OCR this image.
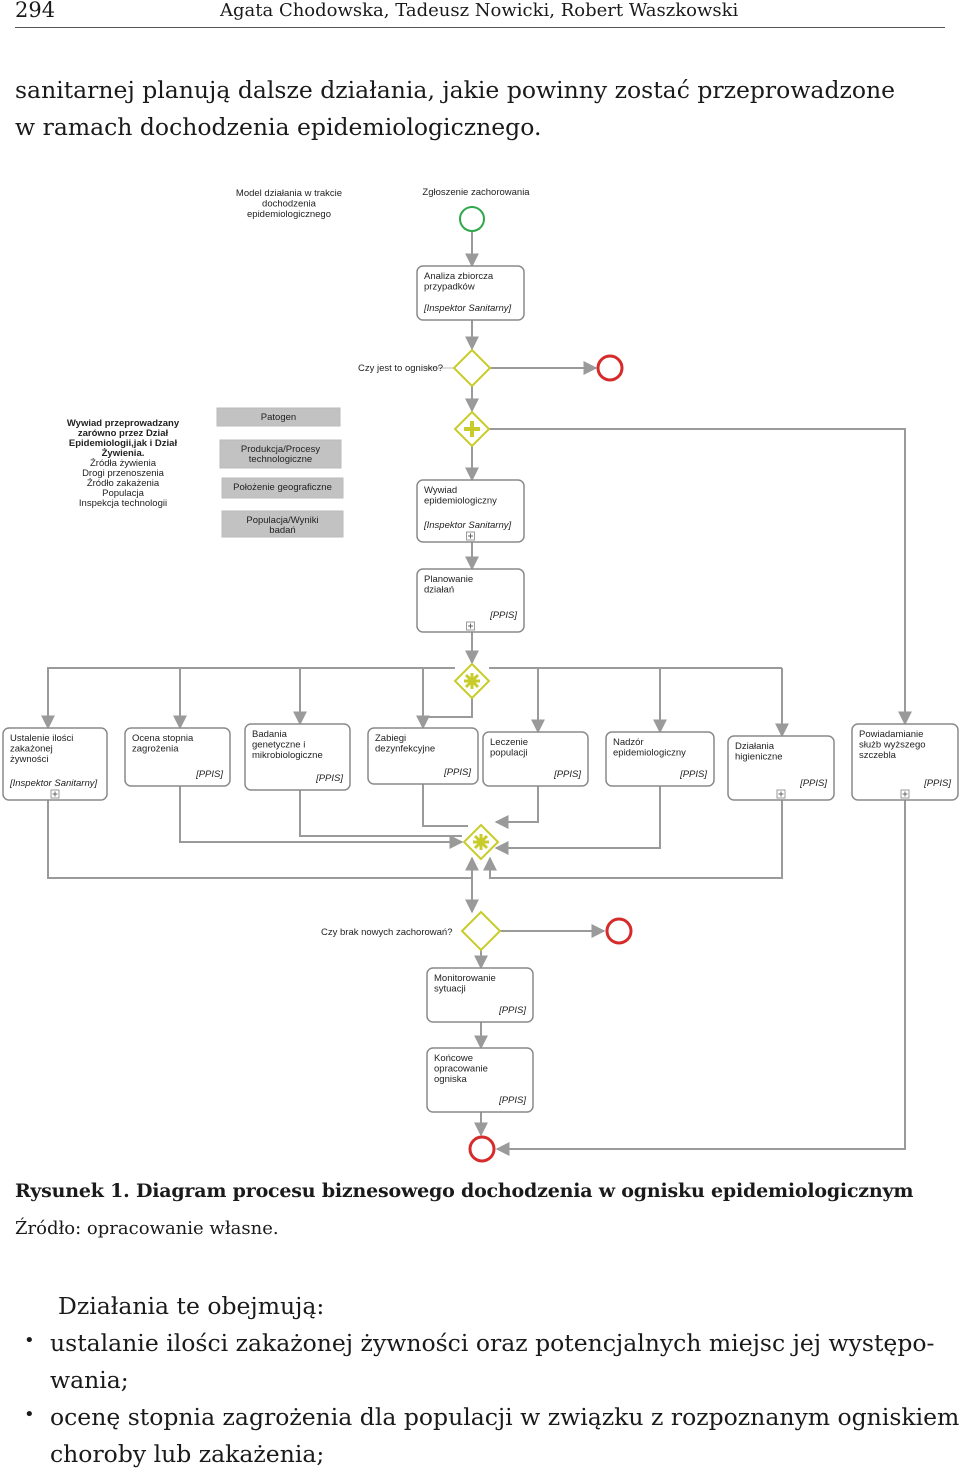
294	Agata Chodowska, Tadeusz Nowicki, Robert Waszkowski
sanitarnej planują dalsze działania, jakie powinny zostać przeprowadzone
w ramach dochodzenia epidemiologicznego.
Analiza zbiorcza
przypadków
[Inspektor Sanitarny]
Wywiad
epidemiologiczny
[Inspektor Sanitarny]
Planowanie
działań
[PPIS]
Ustalenie ilości
zakażonej
żywności
[Inspektor Sanitarny]
Ocena stopnia
zagrożenia
[PPIS]
Badania
genetyczne i
mikrobiologiczne
[PPIS]
Zabiegi
dezynfekcyjne
[PPIS]
Leczenie
populacji
[PPIS]
Nadzór
epidemiologiczny
[PPIS]
Działania
higieniczne
[PPIS]
Powiadamianie
służb wyższego
szczebla
[PPIS]
Monitorowanie
sytuacji
[PPIS]
Końcowe
opracowanie
ogniska
[PPIS]
Model działania w trakcie
dochodzenia
epidemiologicznego
Zgłoszenie zachorowania
Czy jest to ognisko?
Czy brak nowych zachorowań?
Wywiad przeprowadzany
zarówno przez Dział
Epidemiologii,jak i Dział
Żywienia.
Źródła żywienia
Drogi przenoszenia
Źródło zakażenia
Populacja
Inspekcja technologii
Patogen
Produkcja/Procesy
technologiczne
Położenie geograficzne
Populacja/Wyniki
badań
Rysunek 1. Diagram procesu biznesowego dochodzenia w ognisku epidemiologicznym
Źródło: opracowanie własne.
Działania te obejmują:
• ustalanie ilości zakażonej żywności oraz potencjalnych miejsc jej występo-
wania;
• ocenę stopnia zagrożenia dla populacji w związku z rozpoznanym ogniskiem
choroby lub zakażenia;
